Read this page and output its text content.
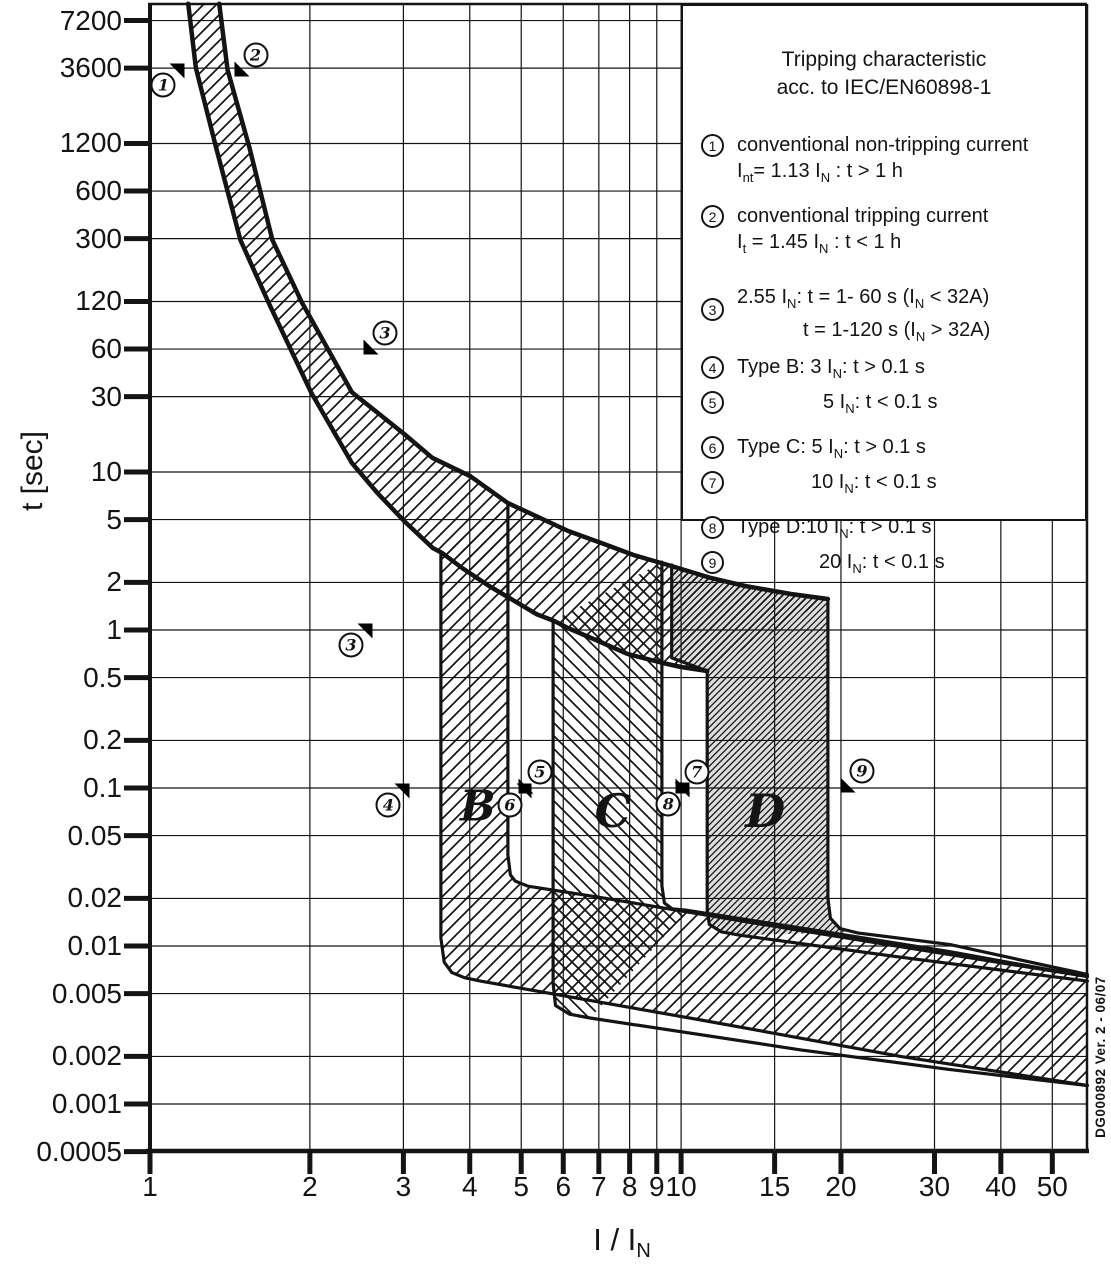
7200
3600
1200
600
300
120
60
30
10
5
2
1
0.5
0.2
0.1
0.05
0.02
0.01
0.005
0.002
0.001
0.0005
1	2	3	4	5 6 7 8 9 10	15	20	30	40 50
t [sec]
I / $I_N$
1
2
3
3
4
5
6
7
8
9
B C D
Tripping characteristic
acc. to IEC/EN60898-1
1	conventional non-tripping current
$I_{nt}= 1.13$ $I_N$ : t > 1 h
2	conventional tripping current
$I_t = 1.45$ $I_N$ : t < 1 h
3
2.55 $I_N$: t = 1- 60 s $(I_N < 32A)$
t = 1-120 s $(I_N > 32A)$
4	Type B: 3 $I_N$: t > 0.1 s
5	5 $I_N$: t < 0.1 s
6	Type C: 5 $I_N$: t > 0.1 s
7	10 $I_N$: t < 0.1 s
8	Type D:10 $I_N$: t > 0.1 s
9	20 $I_N$: t < 0.1 s
DG000892 Ver. 2 - 06/07
